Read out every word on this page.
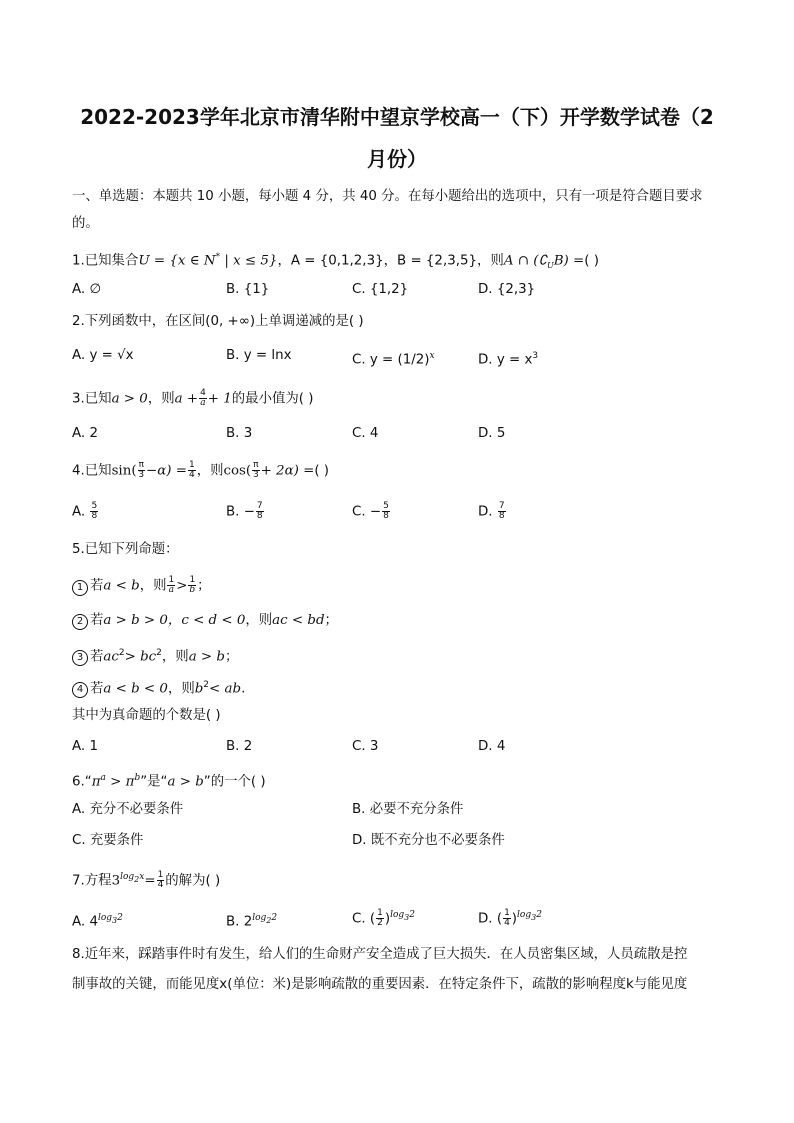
2022-2023学年北京市清华附中望京学校高一（下）开学数学试卷（2
月份）
一、单选题：本题共 10 小题，每小题 4 分，共 40 分。在每小题给出的选项中，只有一项是符合题目要求
的。
1.已知集合U = {x ∈ N* | x ≤ 5}，A = {0,1,2,3}，B = {2,3,5}，则A ∩ $(∁_UB)$ =( )
A. ∅	B. {1}	C. {1,2}	D. {2,3}
2.下列函数中，在区间(0, +∞)上单调递减的是( )
A. y = √x	B. y = lnx	C. $y = (1/2)^x$	D. $y = x^3$
3.已知a > 0，则$a + \frac{4}{a} + 1$的最小值为( )
A. 2	B. 3	C. 4	D. 5
4.已知$\sin( \frac{\pi}{3} -\alpha) = \frac{1}{4}$ ，则$\cos( \frac{\pi}{3} + 2\alpha)$ =( )
A. $\frac{5}{8}$	B. − $\frac{7}{8}$	C. − $\frac{5}{8}$	D. $\frac{7}{8}$
5.已知下列命题：
1 若a < b，则 $\frac{1}{a} > \frac{1}{b}$ ；
2 若a > b > 0，c < d < 0，则ac < bd；
3 若$ac^2> bc^2$，则a > b；
4 若a < b < 0，则$b^2<$ ab.
其中为真命题的个数是( )
A. 1	B. 2	C. 3	D. 4
$6.“\pi^a > \pi^b$”是“a > b”的一个( )
A. 充分不必要条件	B. 必要不充分条件
C. 充要条件	D. 既不充分也不必要条件
7.方程$3^{log_2x}= \frac{1}{4}$ 的解为( )
A. $4^{log_32}$	B. $2^{log_22}$	C. ( $\frac{1}{2} )^{log_32}$	D. ( $\frac{1}{4} )^{log_32}$
8.近年来，踩踏事件时有发生，给人们的生命财产安全造成了巨大损失．在人员密集区域，人员疏散是控
制事故的关键，而能见度x(单位：米)是影响疏散的重要因素．在特定条件下，疏散的影响程度k与能见度
